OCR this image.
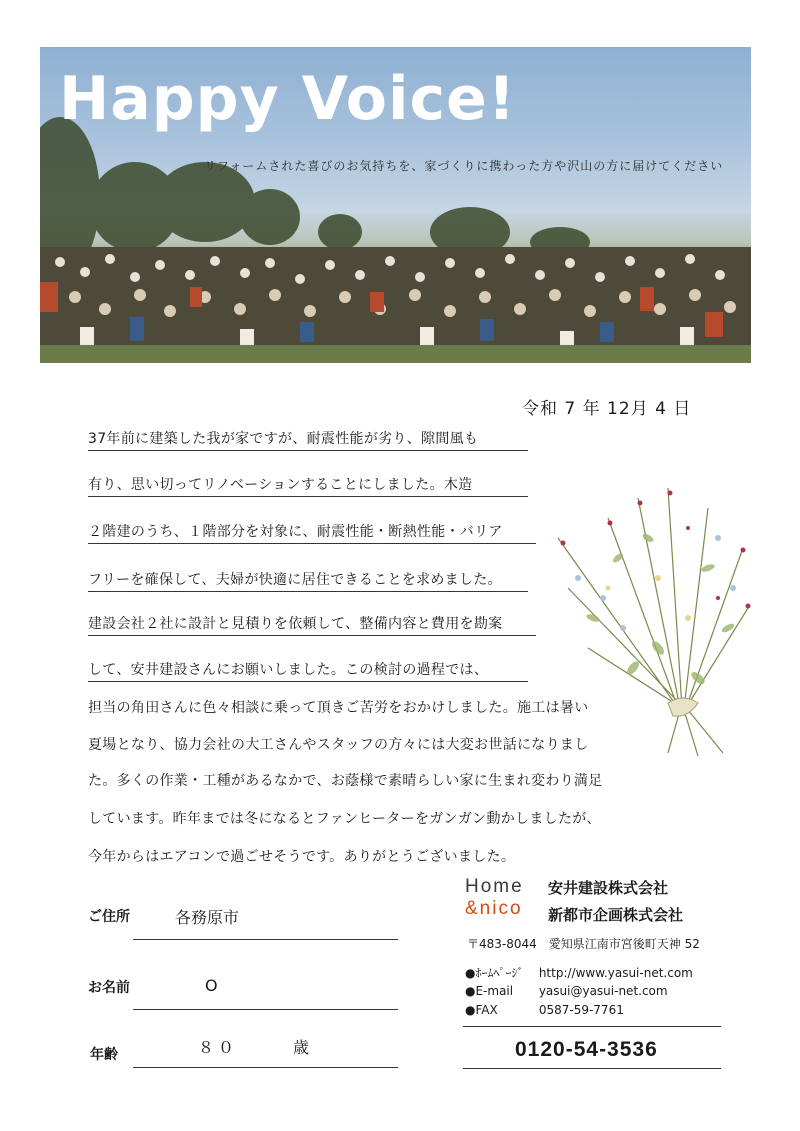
Happy Voice!
リフォームされた喜びのお気持ちを、家づくりに携わった方や沢山の方に届けてください
令和 7 年 12月 4 日
37年前に建築した我が家ですが、耐震性能が劣り、隙間風も
有り、思い切ってリノベーションすることにしました。木造
２階建のうち、１階部分を対象に、耐震性能・断熱性能・バリア
フリーを確保して、夫婦が快適に居住できることを求めました。
建設会社２社に設計と見積りを依頼して、整備内容と費用を勘案
して、安井建設さんにお願いしました。この検討の過程では、
担当の角田さんに色々相談に乗って頂きご苦労をおかけしました。施工は暑い
夏場となり、協力会社の大工さんやスタッフの方々には大変お世話になりまし
た。多くの作業・工種があるなかで、お蔭様で素晴らしい家に生まれ変わり満足
しています。昨年までは冬になるとファンヒーターをガンガン動かしましたが、
今年からはエアコンで過ごせそうです。ありがとうございました。
ご住所	各務原市
お名前	O
年齢	８０	歳
Home
&nico
安井建設株式会社
新都市企画株式会社
〒483-8044　愛知県江南市宮後町天神 52
●ﾎｰﾑﾍﾟｰｼﾞ http://www.yasui-net.com
●E-mail yasui@yasui-net.com
●FAX	0587-59-7761
0120-54-3536
